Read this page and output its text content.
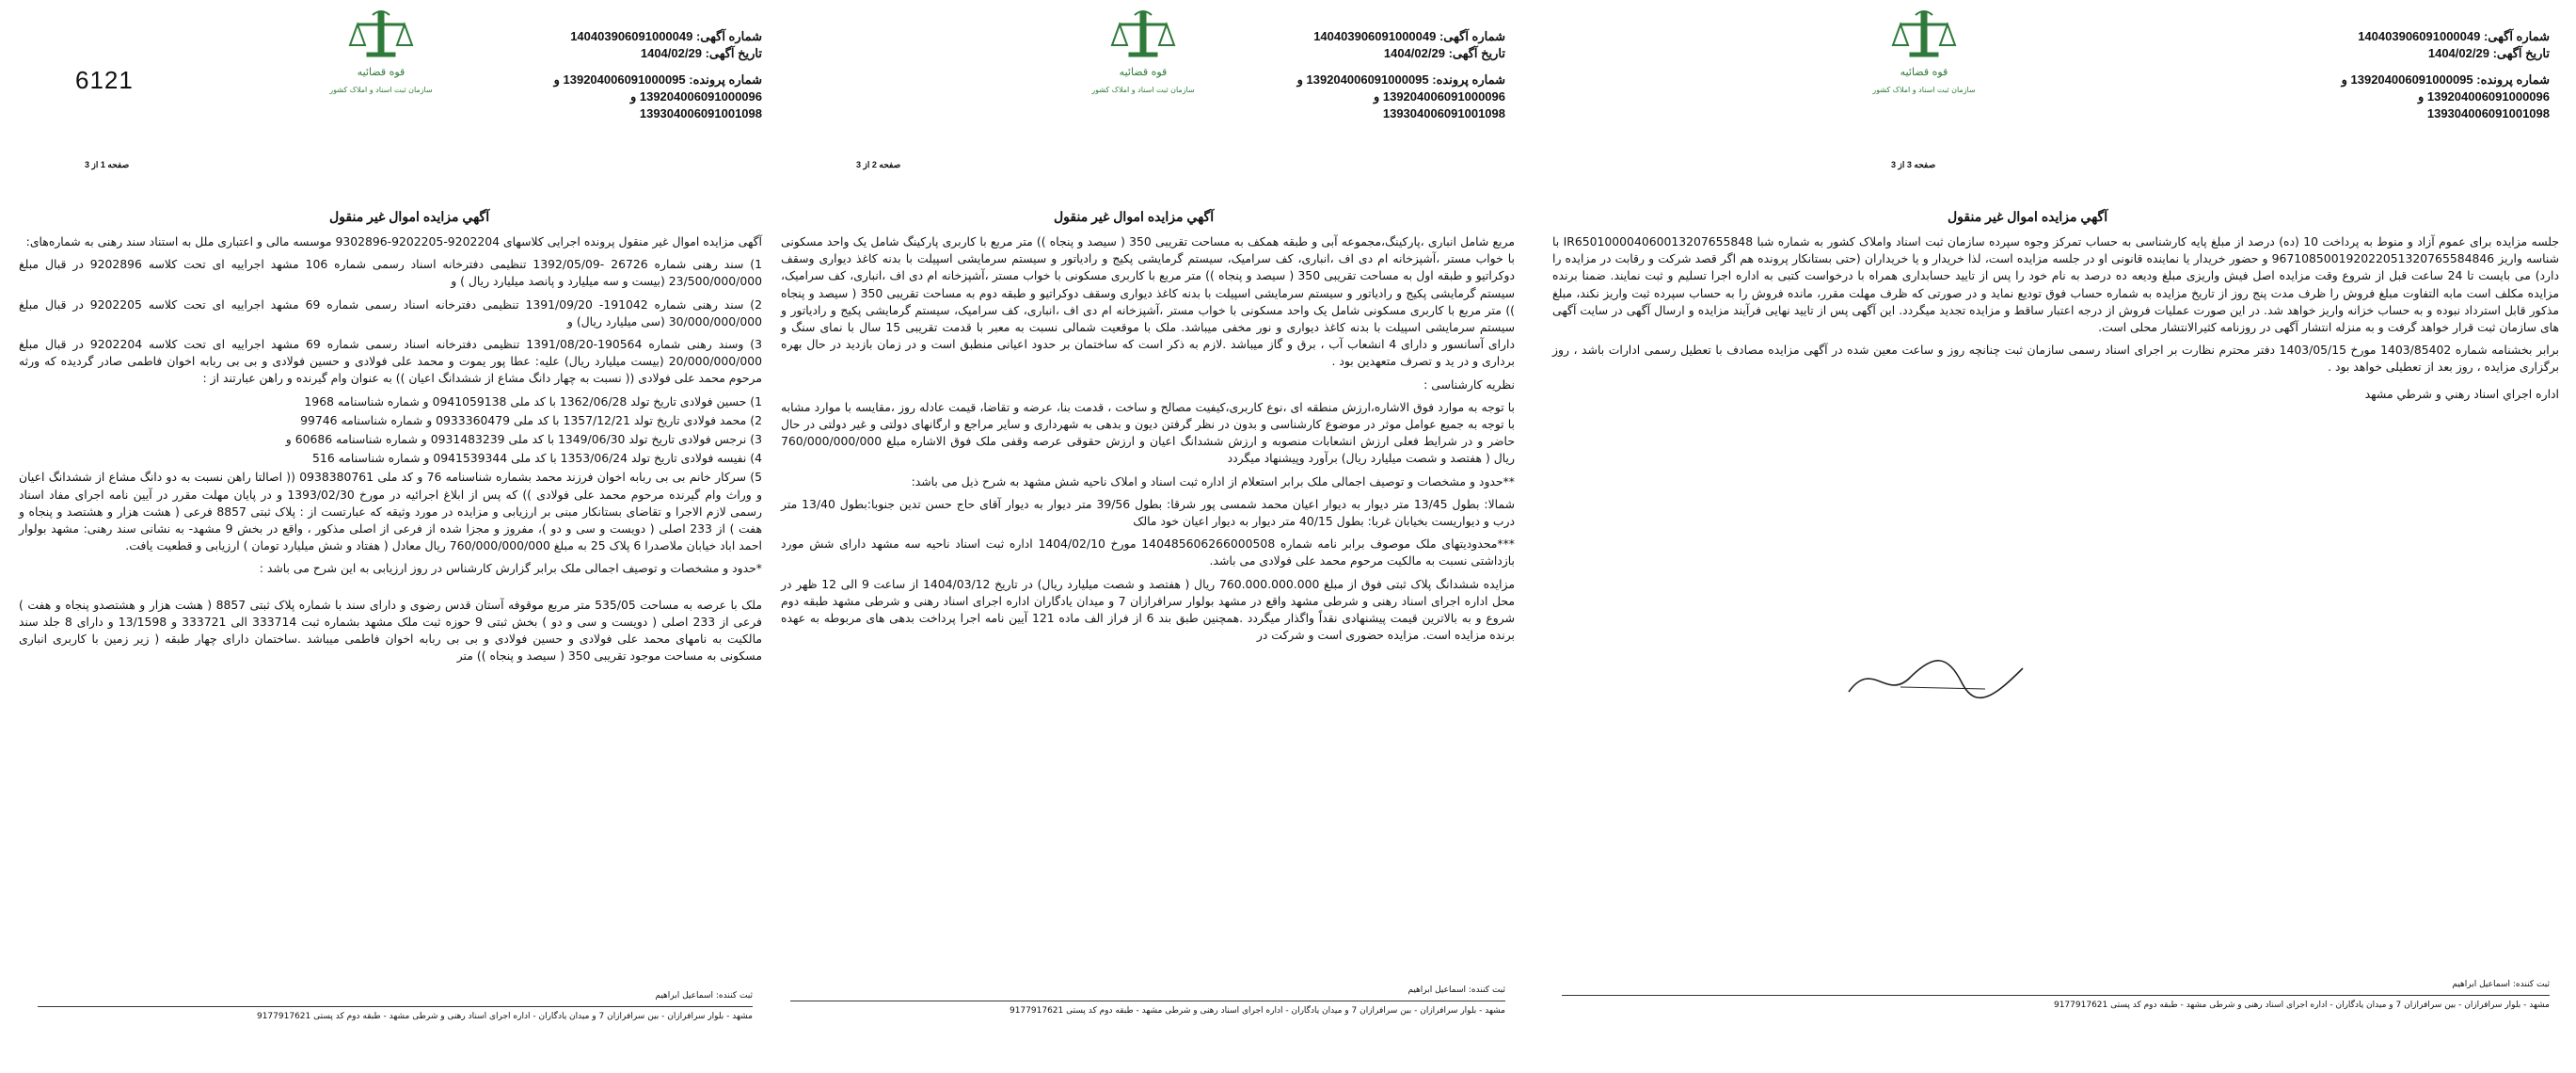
6121
شماره آگهی: 140403906091000049
تاریخ آگهی: 1404/02/29
شماره پرونده: 139204006091000095 و
139204006091000096 و
139304006091001098
قوه قضائیه
سازمان ثبت اسناد و املاک کشور
صفحه 3 از 3
آگهي مزايده اموال غير منقول

جلسه مزایده برای عموم آزاد و منوط به پرداخت 10 (ده) درصد از مبلغ پایه کارشناسی به حساب تمرکز وجوه سپرده سازمان ثبت اسناد واملاک کشور به شماره شبا IR650100004060013207655848 با شناسه واریز 967108500192022051320765584846 و حضور خریدار یا نماینده قانونی او در جلسه مزایده است، لذا خریدار و یا خریداران (حتی بستانکار پرونده هم اگر قصد شرکت و رقابت در مزایده را دارد) می بایست تا 24 ساعت قبل از شروع وقت مزایده اصل فیش واریزی مبلغ ودیعه ده درصد به نام خود را پس از تایید حسابداری همراه با درخواست کتبی به اداره اجرا تسلیم و ثبت نمایند. ضمنا برنده مزایده مکلف است مابه التفاوت مبلغ فروش را ظرف مدت پنج روز از تاریخ مزایده به شماره حساب فوق تودیع نماید و در صورتی که ظرف مهلت مقرر، مانده فروش را به حساب سپرده ثبت واریز نکند، مبلغ مذکور قابل استرداد نبوده و به حساب خزانه واریز خواهد شد. در این صورت عملیات فروش از درجه اعتبار ساقط و مزایده تجدید میگردد. این آگهی پس از تایید نهایی فرآیند مزایده و ارسال آگهی در سایت آگهی های سازمان ثبت قرار خواهد گرفت و به منزله انتشار آگهی در روزنامه کثیرالانتشار محلی است.

برابر بخشنامه شماره 1403/85402 مورخ 1403/05/15 دفتر محترم نظارت بر اجرای اسناد رسمی سازمان ثبت چنانچه روز و ساعت معین شده در آگهی مزایده مصادف با تعطیل رسمی ادارات باشد ، روز برگزاری مزایده ، روز بعد از تعطیلی خواهد بود .

اداره اجراي اسناد رهني و شرطي مشهد

ثبت کننده: اسماعیل ابراهیم
مشهد - بلوار سرافرازان - بین سرافرازان 7 و میدان یادگاران - اداره اجرای اسناد رهنی و شرطی مشهد - طبقه دوم کد پستی 9177917621
شماره آگهی: 140403906091000049
تاریخ آگهی: 1404/02/29
شماره پرونده: 139204006091000095 و
139204006091000096 و
139304006091001098
قوه قضائیه
سازمان ثبت اسناد و املاک کشور
صفحه 2 از 3
آگهي مزايده اموال غير منقول

مربع شامل انباری ،پارکینگ،مجموعه آبی و طبقه همکف به مساحت تقریبی 350 ( سیصد و پنجاه )) متر مربع با کاربری پارکینگ شامل یک واحد مسکونی با خواب مستر ،آشپزخانه ام دی اف ،انباری، کف سرامیک، سیستم گرمایشی پکیج و رادیاتور و سیستم سرمایشی اسپیلت با بدنه کاغذ دیواری وسقف دوکراتیو و طبقه اول به مساحت تقریبی 350 ( سیصد و پنجاه )) متر مربع با کاربری مسکونی با خواب مستر ،آشپزخانه ام دی اف ،انباری، کف سرامیک، سیستم گرمایشی پکیج و رادیاتور و سیستم سرمایشی اسپیلت با بدنه کاغذ دیواری وسقف دوکراتیو و طبقه دوم به مساحت تقریبی 350 ( سیصد و پنجاه )) متر مربع با کاربری مسکونی شامل یک واحد مسکونی با خواب مستر ،آشپزخانه ام دی اف ،انباری، کف سرامیک، سیستم گرمایشی پکیج و رادیاتور و سیستم سرمایشی اسپیلت با بدنه کاغذ دیواری و نور مخفی میباشد. ملک با موقعیت شمالی نسبت به معبر با قدمت تقریبی 15 سال با نمای سنگ و دارای آسانسور و دارای 4 انشعاب آب ، برق و گاز میباشد .لازم به ذکر است که ساختمان بر حدود اعیانی منطبق است و در زمان بازدید در حال بهره برداری و در ید و تصرف متعهدین بود .

نظریه کارشناسی :

با توجه به موارد فوق الاشاره،ارزش منطقه ای ،نوع کاربری،کیفیت مصالح و ساخت ، قدمت بنا، عرضه و تقاضا، قیمت عادله روز ،مقایسه با موارد مشابه با توجه به جمیع عوامل موثر در موضوع کارشناسی و بدون در نظر گرفتن دیون و بدهی به شهرداری و سایر مراجع و ارگانهای دولتی و غیر دولتی در حال حاضر و در شرایط فعلی ارزش انشعابات منصوبه و ارزش ششدانگ اعیان و ارزش حقوقی عرصه وقفی ملک فوق الاشاره مبلغ 760/000/000/000 ریال ( هفتصد و شصت میلیارد ریال) برآورد وپیشنهاد میگردد

**حدود و مشخصات و توصیف اجمالی ملک برابر استعلام از اداره ثبت اسناد و املاک ناحیه شش مشهد به شرح ذیل می باشد:

شمالا: بطول 13/45 متر دیوار به دیوار اعیان محمد شمسی پور شرقا: بطول 39/56 متر دیوار به دیوار آقای حاج حسن تدین جنوبا:بطول 13/40 متر درب و دیواریست بخیابان غربا: بطول 40/15 متر دیوار به دیوار اعیان خود مالک

***محدودیتهای ملک موصوف برابر نامه شماره 140485606266000508 مورخ 1404/02/10 اداره ثبت اسناد ناحیه سه مشهد دارای شش مورد بازداشتی نسبت به مالکیت مرحوم محمد علی فولادی می باشد.

مزایده ششدانگ پلاک ثبتی فوق از مبلغ 760.000.000.000 ریال ( هفتصد و شصت میلیارد ریال) در تاریخ 1404/03/12 از ساعت 9 الی 12 ظهر در محل اداره اجرای اسناد رهنی و شرطی مشهد واقع در مشهد بولوار سرافرازان 7 و میدان یادگاران اداره اجرای اسناد رهنی و شرطی مشهد طبقه دوم شروع و به بالاترین قیمت پیشنهادی نقداً واگذار میگردد .همچنین طبق بند 6 از فراز الف ماده 121 آیین نامه اجرا پرداخت بدهی های مربوطه به عهده برنده مزایده است. مزایده حضوری است و شرکت در

ثبت کننده: اسماعیل ابراهیم
مشهد - بلوار سرافرازان - بین سرافرازان 7 و میدان یادگاران - اداره اجرای اسناد رهنی و شرطی مشهد - طبقه دوم کد پستی 9177917621
شماره آگهی: 140403906091000049
تاریخ آگهی: 1404/02/29
شماره پرونده: 139204006091000095 و
139204006091000096 و
139304006091001098
قوه قضائیه
سازمان ثبت اسناد و املاک کشور
صفحه 1 از 3
آگهي مزايده اموال غير منقول

آگهی مزایده اموال غیر منقول پرونده اجرایی کلاسهای 9202204-9202205-9302896 موسسه مالی و اعتباری ملل به استناد سند رهنی به شماره‌های:

1) سند رهنی شماره 26726 -1392/05/09 تنظیمی دفترخانه اسناد رسمی شماره 106 مشهد اجراییه ای تحت کلاسه 9202896 در قبال مبلغ 23/500/000/000 (بیست و سه میلیارد و پانصد میلیارد ریال ) و

2) سند رهنی شماره 191042- 1391/09/20 تنظیمی دفترخانه اسناد رسمی شماره 69 مشهد اجراییه ای تحت کلاسه 9202205 در قبال مبلغ 30/000/000/000 (سی میلیارد ریال) و

3) وسند رهنی شماره 190564-1391/08/20 تنظیمی دفترخانه اسناد رسمی شماره 69 مشهد اجراییه ای تحت کلاسه 9202204 در قبال مبلغ 20/000/000/000 (بیست میلیارد ریال) علیه: عطا پور یموت و محمد علی فولادی و حسین فولادی و بی بی ربابه اخوان فاطمی صادر گردیده که ورثه مرحوم محمد علی فولادی (( نسبت به چهار دانگ مشاع از ششدانگ اعیان )) به عنوان وام گیرنده و راهن عبارتند از :

1) حسین فولادی تاریخ تولد 1362/06/28 با کد ملی 0941059138 و شماره شناسنامه 1968

2) محمد فولادی تاریخ تولد 1357/12/21 با کد ملی 0933360479 و شماره شناسنامه 99746

3) نرجس فولادی تاریخ تولد 1349/06/30 با کد ملی 0931483239 و شماره شناسنامه 60686 و

4) نفیسه فولادی تاریخ تولد 1353/06/24 با کد ملی 0941539344 و شماره شناسنامه 516

5) سرکار خانم بی بی ربابه اخوان فرزند محمد بشماره شناسنامه 76 و کد ملی 0938380761 (( اصالتا راهن نسبت به دو دانگ مشاع از ششدانگ اعیان و وراث وام گیرنده مرحوم محمد علی فولادی )) که پس از ابلاغ اجرائیه در مورخ 1393/02/30 و در پایان مهلت مقرر در آیین نامه اجرای مفاد اسناد رسمی لازم الاجرا و تقاضای بستانکار مبنی بر ارزیابی و مزایده در مورد وثیقه که عبارتست از : پلاک ثبتی 8857 فرعی ( هشت هزار و هشتصد و پنجاه و هفت ) از 233 اصلی ( دویست و سی و دو )، مفروز و مجزا شده از فرعی از اصلی مذکور ، واقع در بخش 9 مشهد- به نشانی سند رهنی: مشهد بولوار احمد اباد خیابان ملاصدرا 6 پلاک 25 به مبلغ 760/000/000/000 ریال معادل ( هفتاد و شش میلیارد تومان ) ارزیابی و قطعیت یافت.

*حدود و مشخصات و توصیف اجمالی ملک برابر گزارش کارشناس در روز ارزیابی به این شرح می باشد :

ملک با عرصه به مساحت 535/05 متر مربع موقوفه آستان قدس رضوی و دارای سند با شماره پلاک ثبتی 8857 ( هشت هزار و هشتصدو پنجاه و هفت ) فرعی از 233 اصلی ( دویست و سی و دو ) بخش ثبتی 9 حوزه ثبت ملک مشهد بشماره ثبت 333714 الی 333721 و 13/1598 و دارای 8 جلد سند مالکیت به نامهای محمد علی فولادی و حسین فولادی و بی بی ربابه اخوان فاطمی میباشد .ساختمان دارای چهار طبقه ( زیر زمین با کاربری انباری مسکونی به مساحت موجود تقریبی 350 ( سیصد و پنجاه )) متر

ثبت کننده: اسماعیل ابراهیم
مشهد - بلوار سرافرازان - بین سرافرازان 7 و میدان یادگاران - اداره اجرای اسناد رهنی و شرطی مشهد - طبقه دوم کد پستی 9177917621
